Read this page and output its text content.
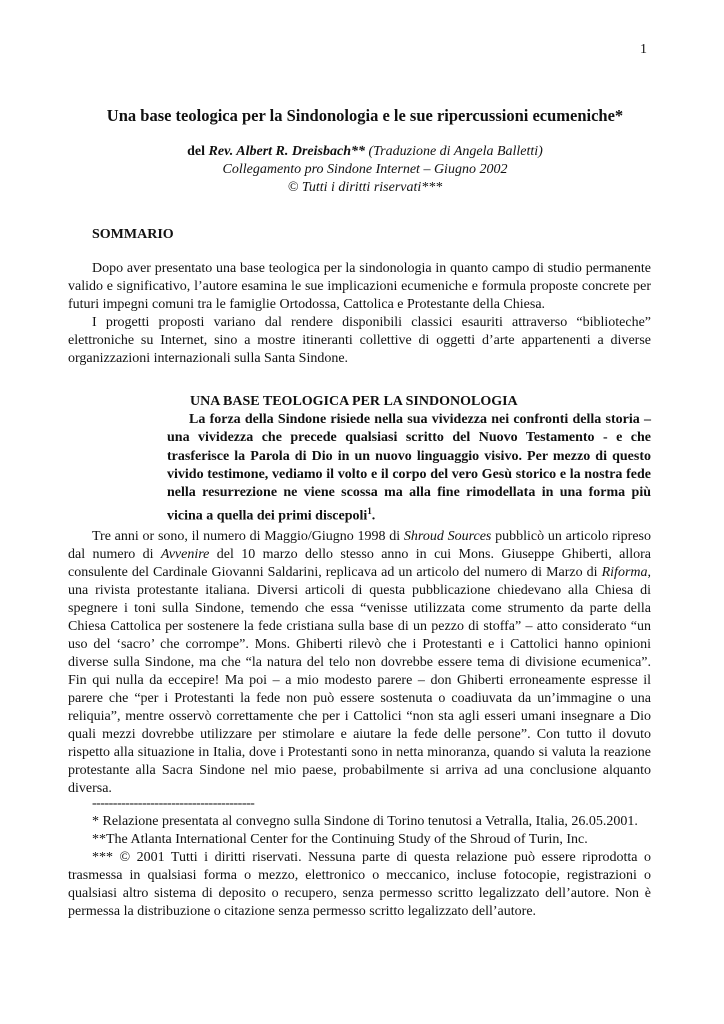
1
Una base teologica per la Sindonologia e le sue ripercussioni ecumeniche*
del Rev. Albert R. Dreisbach** (Traduzione di Angela Balletti)
Collegamento pro Sindone Internet – Giugno 2002
© Tutti i diritti riservati***
SOMMARIO

Dopo aver presentato una base teologica per la sindonologia in quanto campo di studio permanente valido e significativo, l’autore esamina le sue implicazioni ecumeniche e formula proposte concrete per futuri impegni comuni tra le famiglie Ortodossa, Cattolica e Protestante della Chiesa.

I progetti proposti variano dal rendere disponibili classici esauriti attraverso “biblioteche” elettroniche su Internet, sino a mostre itineranti collettive di oggetti d’arte appartenenti a diverse organizzazioni internazionali sulla Santa Sindone.

UNA BASE TEOLOGICA PER LA SINDONOLOGIA

La forza della Sindone risiede nella sua vividezza nei confronti della storia – una vividezza che precede qualsiasi scritto del Nuovo Testamento - e che trasferisce la Parola di Dio in un nuovo linguaggio visivo. Per mezzo di questo vivido testimone, vediamo il volto e il corpo del vero Gesù storico e la nostra fede nella resurrezione ne viene scossa ma alla fine rimodellata in una forma più vicina a quella dei primi discepoli$^1$.

Tre anni or sono, il numero di Maggio/Giugno 1998 di Shroud Sources pubblicò un articolo ripreso dal numero di Avvenire del 10 marzo dello stesso anno in cui Mons. Giuseppe Ghiberti, allora consulente del Cardinale Giovanni Saldarini, replicava ad un articolo del numero di Marzo di Riforma, una rivista protestante italiana. Diversi articoli di questa pubblicazione chiedevano alla Chiesa di spegnere i toni sulla Sindone, temendo che essa “venisse utilizzata come strumento da parte della Chiesa Cattolica per sostenere la fede cristiana sulla base di un pezzo di stoffa” – atto considerato “un uso del ‘sacro’ che corrompe”. Mons. Ghiberti rilevò che i Protestanti e i Cattolici hanno opinioni diverse sulla Sindone, ma che “la natura del telo non dovrebbe essere tema di divisione ecumenica”. Fin qui nulla da eccepire! Ma poi – a mio modesto parere – don Ghiberti erroneamente espresse il parere che “per i Protestanti la fede non può essere sostenuta o coadiuvata da un’immagine o una reliquia”, mentre osservò correttamente che per i Cattolici “non sta agli esseri umani insegnare a Dio quali mezzi dovrebbe utilizzare per stimolare e aiutare la fede delle persone”. Con tutto il dovuto rispetto alla situazione in Italia, dove i Protestanti sono in netta minoranza, quando si valuta la reazione protestante alla Sacra Sindone nel mio paese, probabilmente si arriva ad una conclusione alquanto diversa.

---------------------------------------

* Relazione presentata al convegno sulla Sindone di Torino tenutosi a Vetralla, Italia, 26.05.2001.

**The Atlanta International Center for the Continuing Study of the Shroud of Turin, Inc.

*** © 2001 Tutti i diritti riservati. Nessuna parte di questa relazione può essere riprodotta o trasmessa in qualsiasi forma o mezzo, elettronico o meccanico, incluse fotocopie, registrazioni o qualsiasi altro sistema di deposito o recupero, senza permesso scritto legalizzato dell’autore. Non è permessa la distribuzione o citazione senza permesso scritto legalizzato dell’autore.
